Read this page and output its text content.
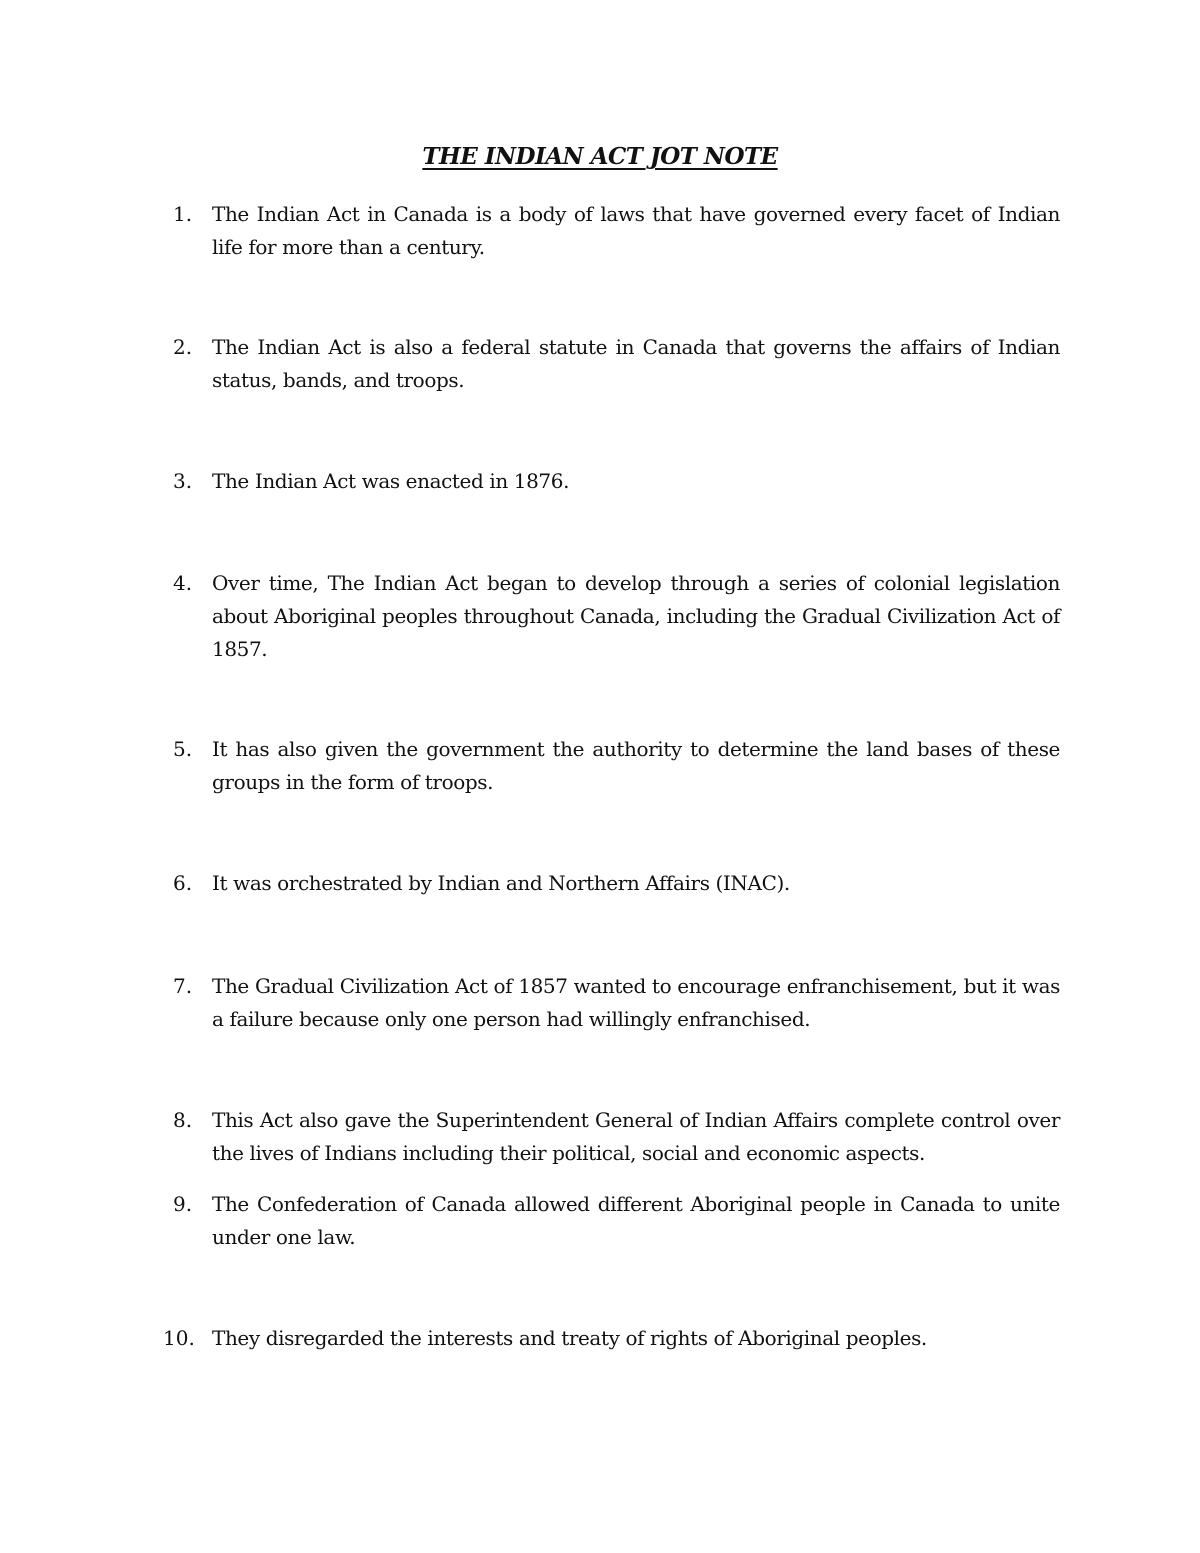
THE INDIAN ACT JOT NOTE
1. The Indian Act in Canada is a body of laws that have governed every facet of Indian life for more than a century.
2. The Indian Act is also a federal statute in Canada that governs the affairs of Indian status, bands, and troops.
3. The Indian Act was enacted in 1876.
4. Over time, The Indian Act began to develop through a series of colonial legislation about Aboriginal peoples throughout Canada, including the Gradual Civilization Act of 1857.
5. It has also given the government the authority to determine the land bases of these groups in the form of troops.
6. It was orchestrated by Indian and Northern Affairs (INAC).
7. The Gradual Civilization Act of 1857 wanted to encourage enfranchisement, but it was a failure because only one person had willingly enfranchised.
8. This Act also gave the Superintendent General of Indian Affairs complete control over the lives of Indians including their political, social and economic aspects.
9. The Confederation of Canada allowed different Aboriginal people in Canada to unite under one law.
10. They disregarded the interests and treaty of rights of Aboriginal peoples.
